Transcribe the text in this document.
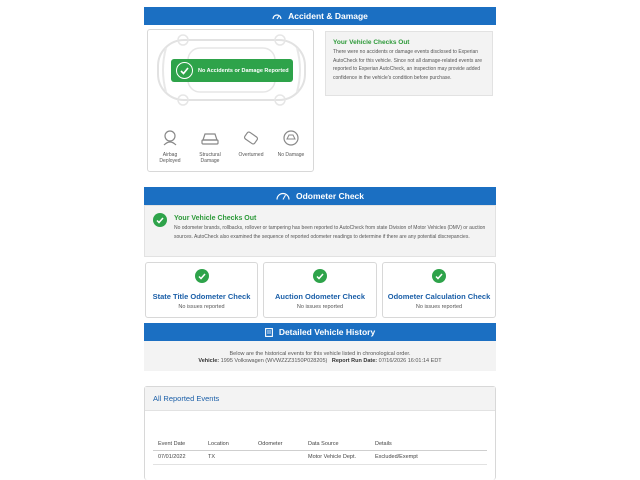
Accident & Damage
No Accidents or Damage Reported
Airbag Deployed
Structural Damage
Overturned	No Damage
Your Vehicle Checks Out
There were no accidents or damage events disclosed to Experian AutoCheck for this vehicle. Since not all damage-related events are reported to Experian AutoCheck, an inspection may provide added confidence in the vehicle's condition before purchase.
Odometer Check
Your Vehicle Checks Out
No odometer brands, rollbacks, rollover or tampering has been reported to AutoCheck from state Division of Motor Vehicles (DMV) or auction sources. AutoCheck also examined the sequence of reported odometer readings to determine if there are any potential discrepancies.
State Title Odometer Check
No issues reported
Auction Odometer Check
No issues reported
Odometer Calculation Check
No issues reported
Detailed Vehicle History
Below are the historical events for this vehicle listed in chronological order.
Vehicle: 1995 Volkswagen (WVWZZZ3150P028205) Report Run Date: 07/16/2026 16:01:14 EDT
All Reported Events
Event Date	Location	Odometer	Data Source	Details
07/01/2022	TX		Motor Vehicle Dept.	Excluded/Exempt
